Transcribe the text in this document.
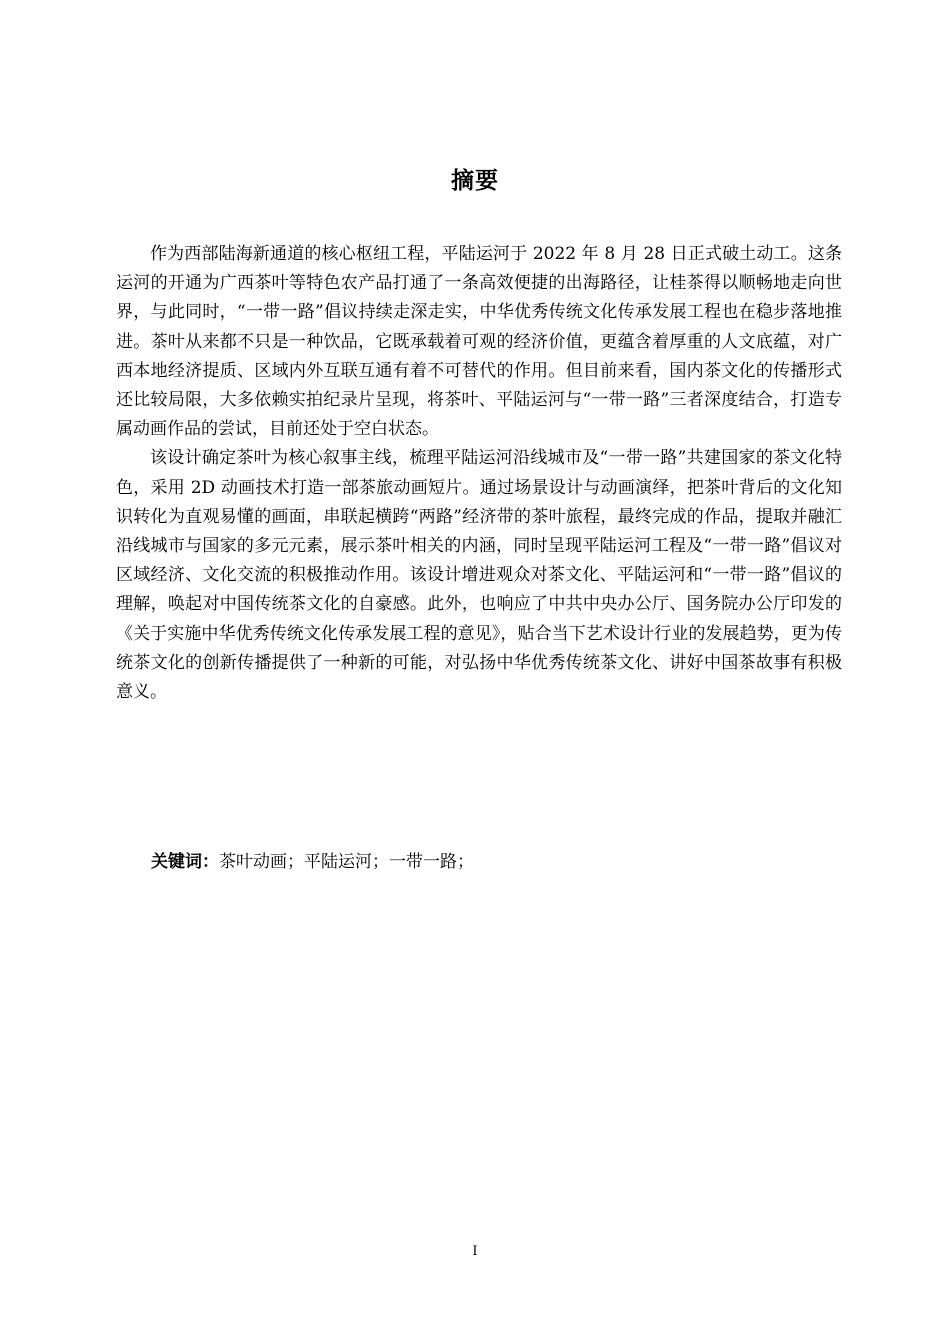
摘要

作为西部陆海新通道的核心枢纽工程，平陆运河于 2022 年 8 月 28 日正式破土动工。这条运河的开通为广西茶叶等特色农产品打通了一条高效便捷的出海路径，让桂茶得以顺畅地走向世界，与此同时，“一带一路”倡议持续走深走实，中华优秀传统文化传承发展工程也在稳步落地推进。茶叶从来都不只是一种饮品，它既承载着可观的经济价值，更蕴含着厚重的人文底蕴，对广西本地经济提质、区域内外互联互通有着不可替代的作用。但目前来看，国内茶文化的传播形式还比较局限，大多依赖实拍纪录片呈现，将茶叶、平陆运河与“一带一路”三者深度结合，打造专属动画作品的尝试，目前还处于空白状态。

该设计确定茶叶为核心叙事主线，梳理平陆运河沿线城市及“一带一路”共建国家的茶文化特色，采用 2D 动画技术打造一部茶旅动画短片。通过场景设计与动画演绎，把茶叶背后的文化知识转化为直观易懂的画面，串联起横跨“两路”经济带的茶叶旅程，最终完成的作品，提取并融汇沿线城市与国家的多元元素，展示茶叶相关的内涵，同时呈现平陆运河工程及“一带一路”倡议对区域经济、文化交流的积极推动作用。该设计增进观众对茶文化、平陆运河和“一带一路”倡议的理解，唤起对中国传统茶文化的自豪感。此外，也响应了中共中央办公厅、国务院办公厅印发的《关于实施中华优秀传统文化传承发展工程的意见》，贴合当下艺术设计行业的发展趋势，更为传统茶文化的创新传播提供了一种新的可能，对弘扬中华优秀传统茶文化、讲好中国茶故事有积极意义。

关键词：茶叶动画；平陆运河；一带一路；
I
